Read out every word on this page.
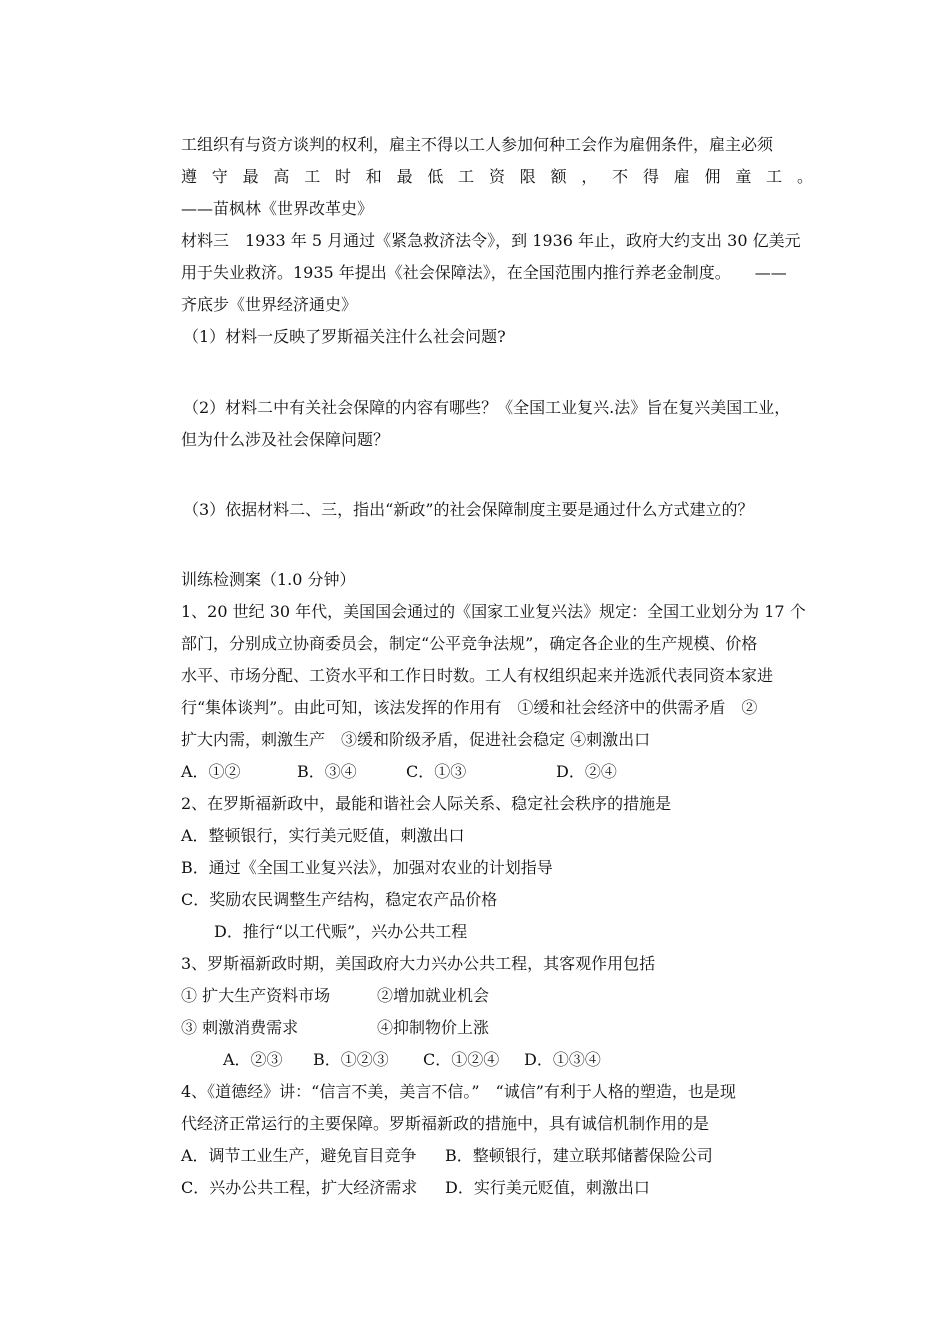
工组织有与资方谈判的权利，雇主不得以工人参加何种工会作为雇佣条件，雇主必须
遵 守 最 高 工 时 和 最 低 工 资 限 额 ， 不 得 雇 佣 童 工 。
——苗枫林《世界改革史》
材料三　1933 年 5 月通过《紧急救济法令》，到 1936 年止，政府大约支出 30 亿美元
用于失业救济。1935 年提出《社会保障法》，在全国范围内推行养老金制度。　　——
齐底步《世界经济通史》
（1）材料一反映了罗斯福关注什么社会问题?
（2）材料二中有关社会保障的内容有哪些？《全国工业复兴.法》旨在复兴美国工业，
但为什么涉及社会保障问题？
（3）依据材料二、三，指出“新政”的社会保障制度主要是通过什么方式建立的？
训练检测案（1.0 分钟）
1、20 世纪 30 年代，美国国会通过的《国家工业复兴法》规定：全国工业划分为 17 个
部门，分别成立协商委员会，制定“公平竞争法规”，确定各企业的生产规模、价格
水平、市场分配、工资水平和工作日时数。工人有权组织起来并选派代表同资本家进
行“集体谈判”。由此可知，该法发挥的作用有　①缓和社会经济中的供需矛盾　②
扩大内需，刺激生产　③缓和阶级矛盾，促进社会稳定 ④刺激出口
A．①②	B．③④	C．①③	D．②④
2、在罗斯福新政中，最能和谐社会人际关系、稳定社会秩序的措施是
A．整顿银行，实行美元贬值，刺激出口
B．通过《全国工业复兴法》，加强对农业的计划指导
C．奖励农民调整生产结构，稳定农产品价格
D．推行“以工代赈”，兴办公共工程
3、罗斯福新政时期，美国政府大力兴办公共工程，其客观作用包括
① 扩大生产资料市场	②增加就业机会
③ 刺激消费需求	④抑制物价上涨
A．②③ B．①②③ C．①②④ D．①③④
4、《道德经》讲：“信言不美，美言不信。”　“诚信”有利于人格的塑造，也是现
代经济正常运行的主要保障。罗斯福新政的措施中，具有诚信机制作用的是
A．调节工业生产，避免盲目竞争 B．整顿银行，建立联邦储蓄保险公司
C．兴办公共工程，扩大经济需求 D．实行美元贬值，刺激出口
